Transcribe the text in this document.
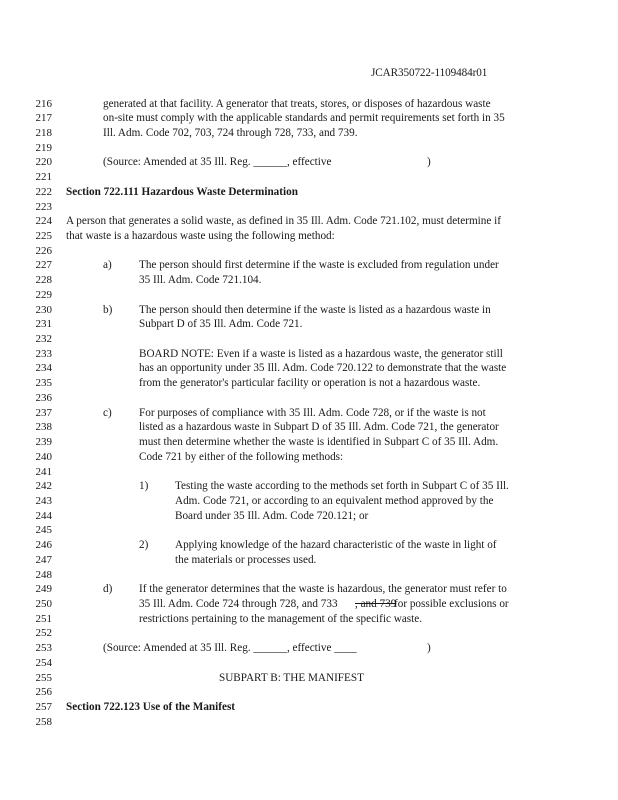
JCAR350722-1109484r01
216	generated at that facility. A generator that treats, stores, or disposes of hazardous waste
217	on-site must comply with the applicable standards and permit requirements set forth in 35
218	Ill. Adm. Code 702, 703, 724 through 728, 733, and 739.
219
220	(Source: Amended at 35 Ill. Reg. ______, effective	)
221
222 Section 722.111 Hazardous Waste Determination
223
224 A person that generates a solid waste, as defined in 35 Ill. Adm. Code 721.102, must determine if
225 that waste is a hazardous waste using the following method:
226
227	a) The person should first determine if the waste is excluded from regulation under
228	35 Ill. Adm. Code 721.104.
229
230	b) The person should then determine if the waste is listed as a hazardous waste in
231	Subpart D of 35 Ill. Adm. Code 721.
232
233	BOARD NOTE: Even if a waste is listed as a hazardous waste, the generator still
234	has an opportunity under 35 Ill. Adm. Code 720.122 to demonstrate that the waste
235	from the generator's particular facility or operation is not a hazardous waste.
236
237	c) For purposes of compliance with 35 Ill. Adm. Code 728, or if the waste is not
238	listed as a hazardous waste in Subpart D of 35 Ill. Adm. Code 721, the generator
239	must then determine whether the waste is identified in Subpart C of 35 Ill. Adm.
240	Code 721 by either of the following methods:
241
242	1) Testing the waste according to the methods set forth in Subpart C of 35 Ill.
243	Adm. Code 721, or according to an equivalent method approved by the
244	Board under 35 Ill. Adm. Code 720.121; or
245
246	2) Applying knowledge of the hazard characteristic of the waste in light of
247	the materials or processes used.
248
249	d) If the generator determines that the waste is hazardous, the generator must refer to
250	35 Ill. Adm. Code 724 through 728, and 733 , and 739
for possible exclusions or
251	restrictions pertaining to the management of the specific waste.
252
253	(Source: Amended at 35 Ill. Reg. ______, effective ____	)
254
255	SUBPART B: THE MANIFEST
256
257 Section 722.123 Use of the Manifest
258
